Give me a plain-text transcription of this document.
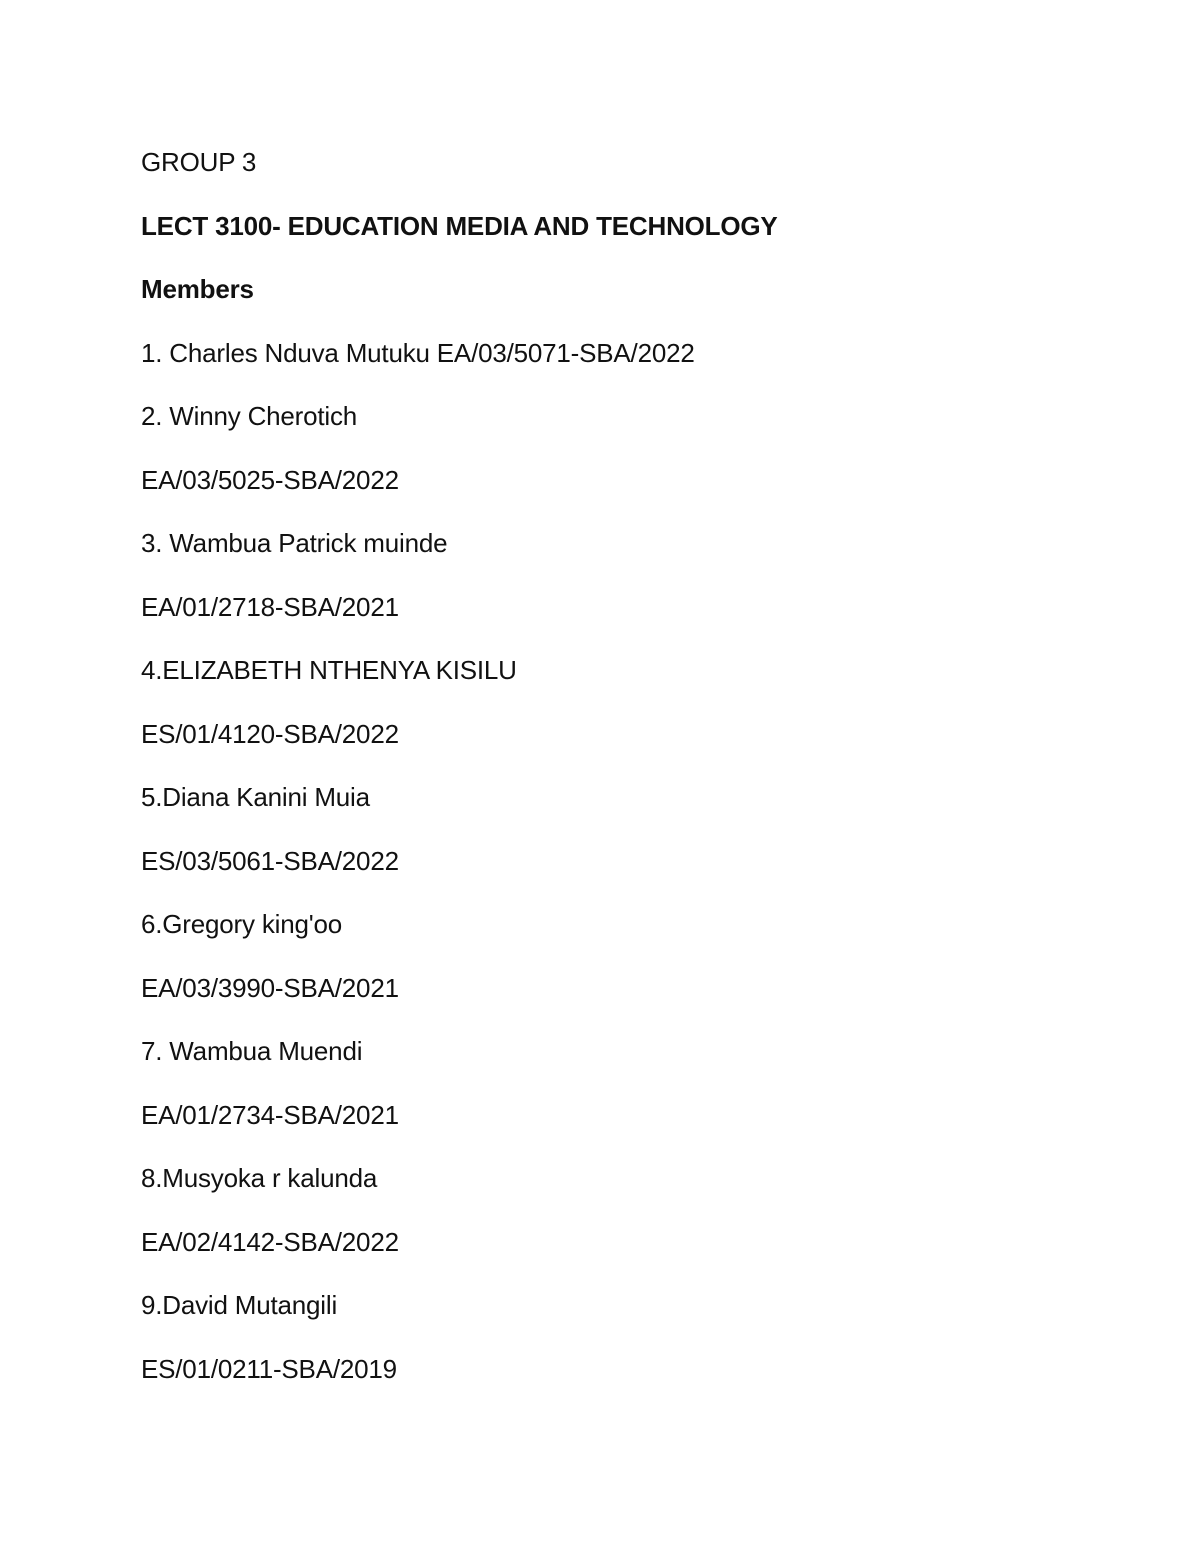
GROUP 3
LECT 3100- EDUCATION MEDIA AND TECHNOLOGY
Members
1. Charles Nduva Mutuku EA/03/5071-SBA/2022
2. Winny Cherotich
EA/03/5025-SBA/2022
3. Wambua Patrick muinde
EA/01/2718-SBA/2021
4.ELIZABETH NTHENYA KISILU
ES/01/4120-SBA/2022
5.Diana Kanini Muia
ES/03/5061-SBA/2022
6.Gregory king'oo
EA/03/3990-SBA/2021
7. Wambua Muendi
EA/01/2734-SBA/2021
8.Musyoka r kalunda
EA/02/4142-SBA/2022
9.David Mutangili
ES/01/0211-SBA/2019
